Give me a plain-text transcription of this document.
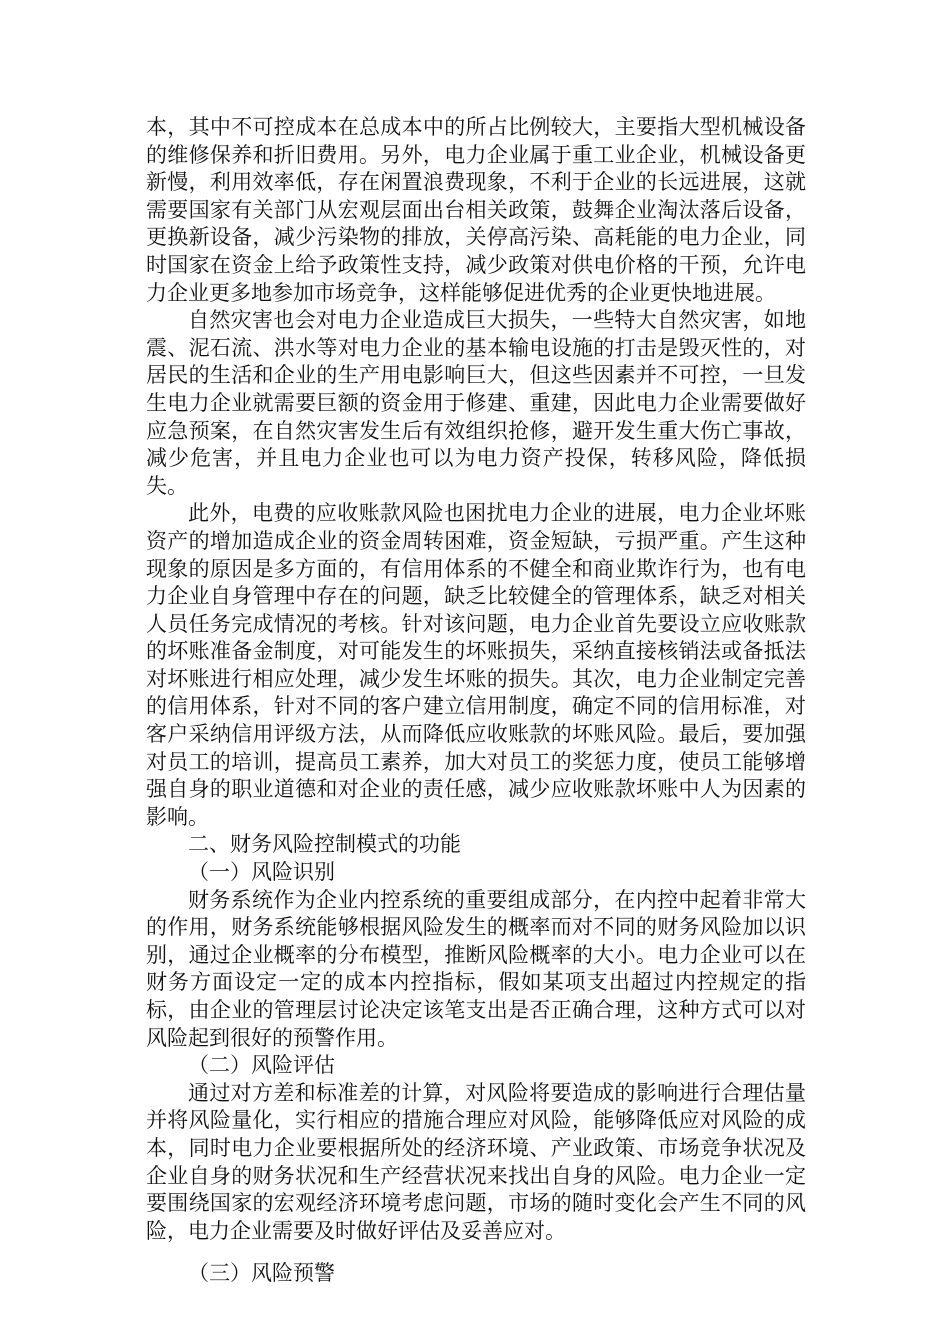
本，其中不可控成本在总成本中的所占比例较大，主要指大型机械设备的维修保养和折旧费用。另外，电力企业属于重工业企业，机械设备更新慢，利用效率低，存在闲置浪费现象，不利于企业的长远进展，这就需要国家有关部门从宏观层面出台相关政策，鼓舞企业淘汰落后设备，更换新设备，减少污染物的排放，关停高污染、高耗能的电力企业，同时国家在资金上给予政策性支持，减少政策对供电价格的干预，允许电力企业更多地参加市场竞争，这样能够促进优秀的企业更快地进展。

自然灾害也会对电力企业造成巨大损失，一些特大自然灾害，如地震、泥石流、洪水等对电力企业的基本输电设施的打击是毁灭性的，对居民的生活和企业的生产用电影响巨大，但这些因素并不可控，一旦发生电力企业就需要巨额的资金用于修建、重建，因此电力企业需要做好应急预案，在自然灾害发生后有效组织抢修，避开发生重大伤亡事故，减少危害，并且电力企业也可以为电力资产投保，转移风险，降低损失。

此外，电费的应收账款风险也困扰电力企业的进展，电力企业坏账资产的增加造成企业的资金周转困难，资金短缺，亏损严重。产生这种现象的原因是多方面的，有信用体系的不健全和商业欺诈行为，也有电力企业自身管理中存在的问题，缺乏比较健全的管理体系，缺乏对相关人员任务完成情况的考核。针对该问题，电力企业首先要设立应收账款的坏账准备金制度，对可能发生的坏账损失，采纳直接核销法或备抵法对坏账进行相应处理，减少发生坏账的损失。其次，电力企业制定完善的信用体系，针对不同的客户建立信用制度，确定不同的信用标准，对客户采纳信用评级方法，从而降低应收账款的坏账风险。最后，要加强对员工的培训，提高员工素养，加大对员工的奖惩力度，使员工能够增强自身的职业道德和对企业的责任感，减少应收账款坏账中人为因素的影响。

二、财务风险控制模式的功能

（一）风险识别

财务系统作为企业内控系统的重要组成部分，在内控中起着非常大的作用，财务系统能够根据风险发生的概率而对不同的财务风险加以识别，通过企业概率的分布模型，推断风险概率的大小。电力企业可以在财务方面设定一定的成本内控指标，假如某项支出超过内控规定的指标，由企业的管理层讨论决定该笔支出是否正确合理，这种方式可以对风险起到很好的预警作用。

（二）风险评估

通过对方差和标准差的计算，对风险将要造成的影响进行合理估量并将风险量化，实行相应的措施合理应对风险，能够降低应对风险的成本，同时电力企业要根据所处的经济环境、产业政策、市场竞争状况及企业自身的财务状况和生产经营状况来找出自身的风险。电力企业一定要围绕国家的宏观经济环境考虑问题，市场的随时变化会产生不同的风险，电力企业需要及时做好评估及妥善应对。

（三）风险预警
